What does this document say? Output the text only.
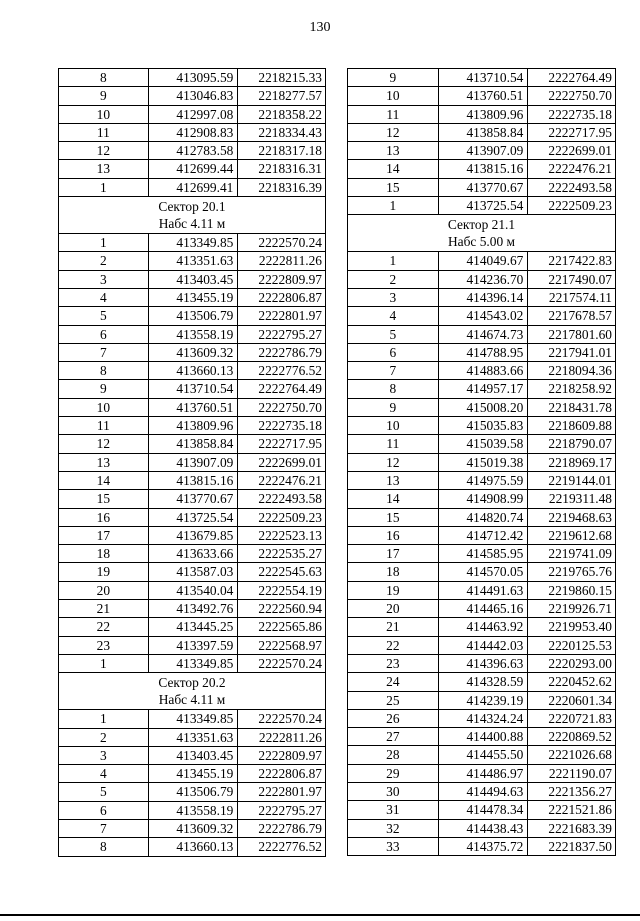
130
8	413095.59	2218215.33
9	413046.83	2218277.57
10	412997.08	2218358.22
11	412908.83	2218334.43
12	412783.58	2218317.18
13	412699.44	2218316.31
1	412699.41	2218316.39

Сектор 20.1
Набс 4.11 м		

1	413349.85	2222570.24
2	413351.63	2222811.26
3	413403.45	2222809.97
4	413455.19	2222806.87
5	413506.79	2222801.97
6	413558.19	2222795.27
7	413609.32	2222786.79
8	413660.13	2222776.52
9	413710.54	2222764.49
10	413760.51	2222750.70
11	413809.96	2222735.18
12	413858.84	2222717.95
13	413907.09	2222699.01
14	413815.16	2222476.21
15	413770.67	2222493.58
16	413725.54	2222509.23
17	413679.85	2222523.13
18	413633.66	2222535.27
19	413587.03	2222545.63
20	413540.04	2222554.19
21	413492.76	2222560.94
22	413445.25	2222565.86
23	413397.59	2222568.97
1	413349.85	2222570.24

Сектор 20.2
Набс 4.11 м		

1	413349.85	2222570.24
2	413351.63	2222811.26
3	413403.45	2222809.97
4	413455.19	2222806.87
5	413506.79	2222801.97
6	413558.19	2222795.27
7	413609.32	2222786.79
8	413660.13	2222776.52
9	413710.54	2222764.49
10	413760.51	2222750.70
11	413809.96	2222735.18
12	413858.84	2222717.95
13	413907.09	2222699.01
14	413815.16	2222476.21
15	413770.67	2222493.58
1	413725.54	2222509.23

Сектор 21.1
Набс 5.00 м		

1	414049.67	2217422.83
2	414236.70	2217490.07
3	414396.14	2217574.11
4	414543.02	2217678.57
5	414674.73	2217801.60
6	414788.95	2217941.01
7	414883.66	2218094.36
8	414957.17	2218258.92
9	415008.20	2218431.78
10	415035.83	2218609.88
11	415039.58	2218790.07
12	415019.38	2218969.17
13	414975.59	2219144.01
14	414908.99	2219311.48
15	414820.74	2219468.63
16	414712.42	2219612.68
17	414585.95	2219741.09
18	414570.05	2219765.76
19	414491.63	2219860.15
20	414465.16	2219926.71
21	414463.92	2219953.40
22	414442.03	2220125.53
23	414396.63	2220293.00
24	414328.59	2220452.62
25	414239.19	2220601.34
26	414324.24	2220721.83
27	414400.88	2220869.52
28	414455.50	2221026.68
29	414486.97	2221190.07
30	414494.63	2221356.27
31	414478.34	2221521.86
32	414438.43	2221683.39
33	414375.72	2221837.50
